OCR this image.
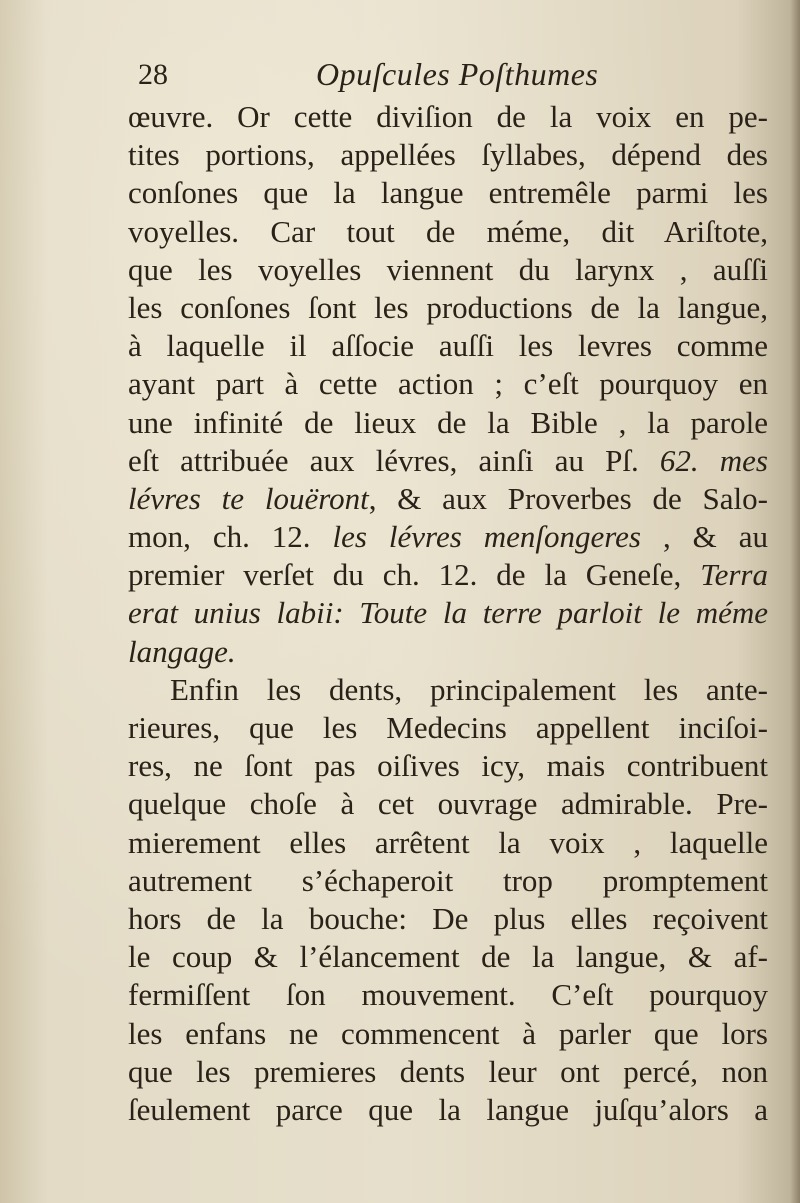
28	Opuſcules Poſthumes
œuvre. Or cette diviſion de la voix en pe-
tites portions, appellées ſyllabes, dépend des
conſones que la langue entremêle parmi les
voyelles. Car tout de méme, dit Ariſtote,
que les voyelles viennent du larynx , auſſi
les conſones ſont les productions de la langue,
à laquelle il aſſocie auſſi les levres comme
ayant part à cette action ; c’eſt pourquoy en
une infinité de lieux de la Bible , la parole
eſt attribuée aux lévres, ainſi au Pſ. 62. mes
lévres te louëront, & aux Proverbes de Salo-
mon, ch. 12. les lévres menſongeres , & au
premier verſet du ch. 12. de la Geneſe, Terra
erat unius labii: Toute la terre parloit le méme
langage.
Enfin les dents, principalement les ante-
rieures, que les Medecins appellent inciſoi-
res, ne ſont pas oiſives icy, mais contribuent
quelque choſe à cet ouvrage admirable. Pre-
mierement elles arrêtent la voix , laquelle
autrement s’échaperoit trop promptement
hors de la bouche: De plus elles reçoivent
le coup & l’élancement de la langue, & af-
fermiſſent ſon mouvement. C’eſt pourquoy
les enfans ne commencent à parler que lors
que les premieres dents leur ont percé, non
ſeulement parce que la langue juſqu’alors a
